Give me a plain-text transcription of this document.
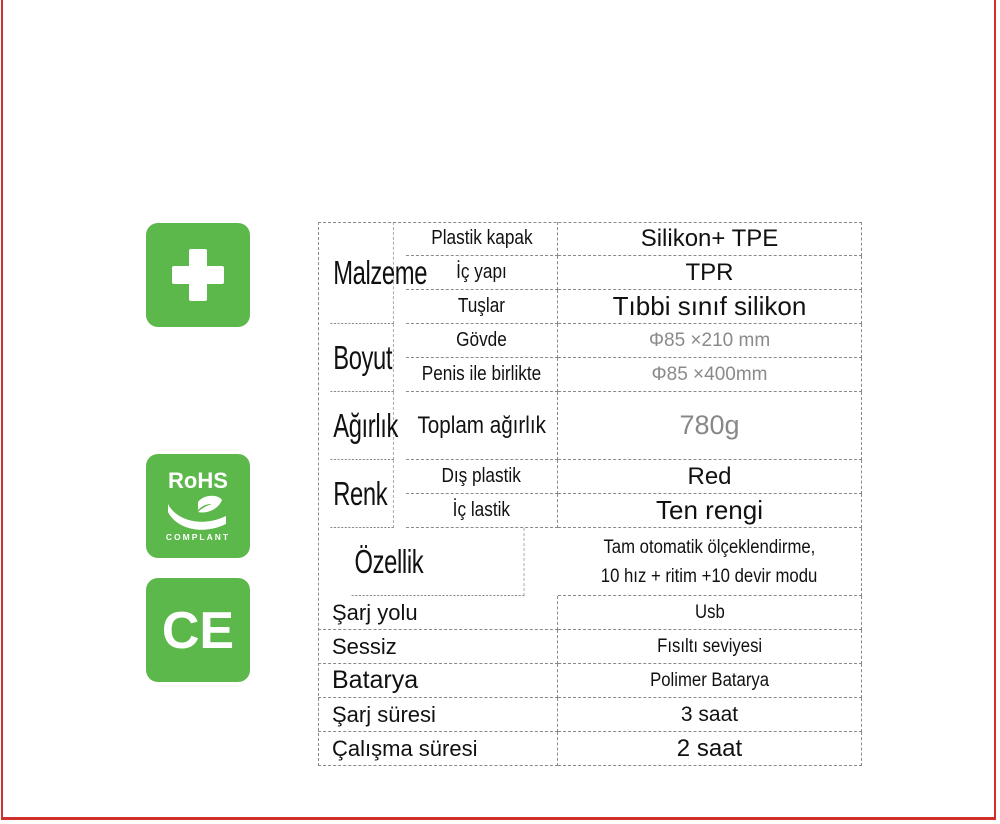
RoHS
COMPLANT
CE
Malzeme
Plastik kapak	Silikon+ TPE
İç yapı	TPR
Tuşlar	Tıbbi sınıf silikon
Boyut	Gövde	Φ85 ×210 mm
Penis ile birlikte	Φ85 ×400mm
Ağırlık Toplam ağırlık	780g
Renk	Dış plastik	Red
İç lastik	Ten rengi
Özellik	Tam otomatik ölçeklendirme,
10 hız + ritim +10 devir modu
Şarj yolu	Usb
Sessiz	Fısıltı seviyesi
Batarya	Polimer Batarya
Şarj süresi	3 saat
Çalışma süresi	2 saat
